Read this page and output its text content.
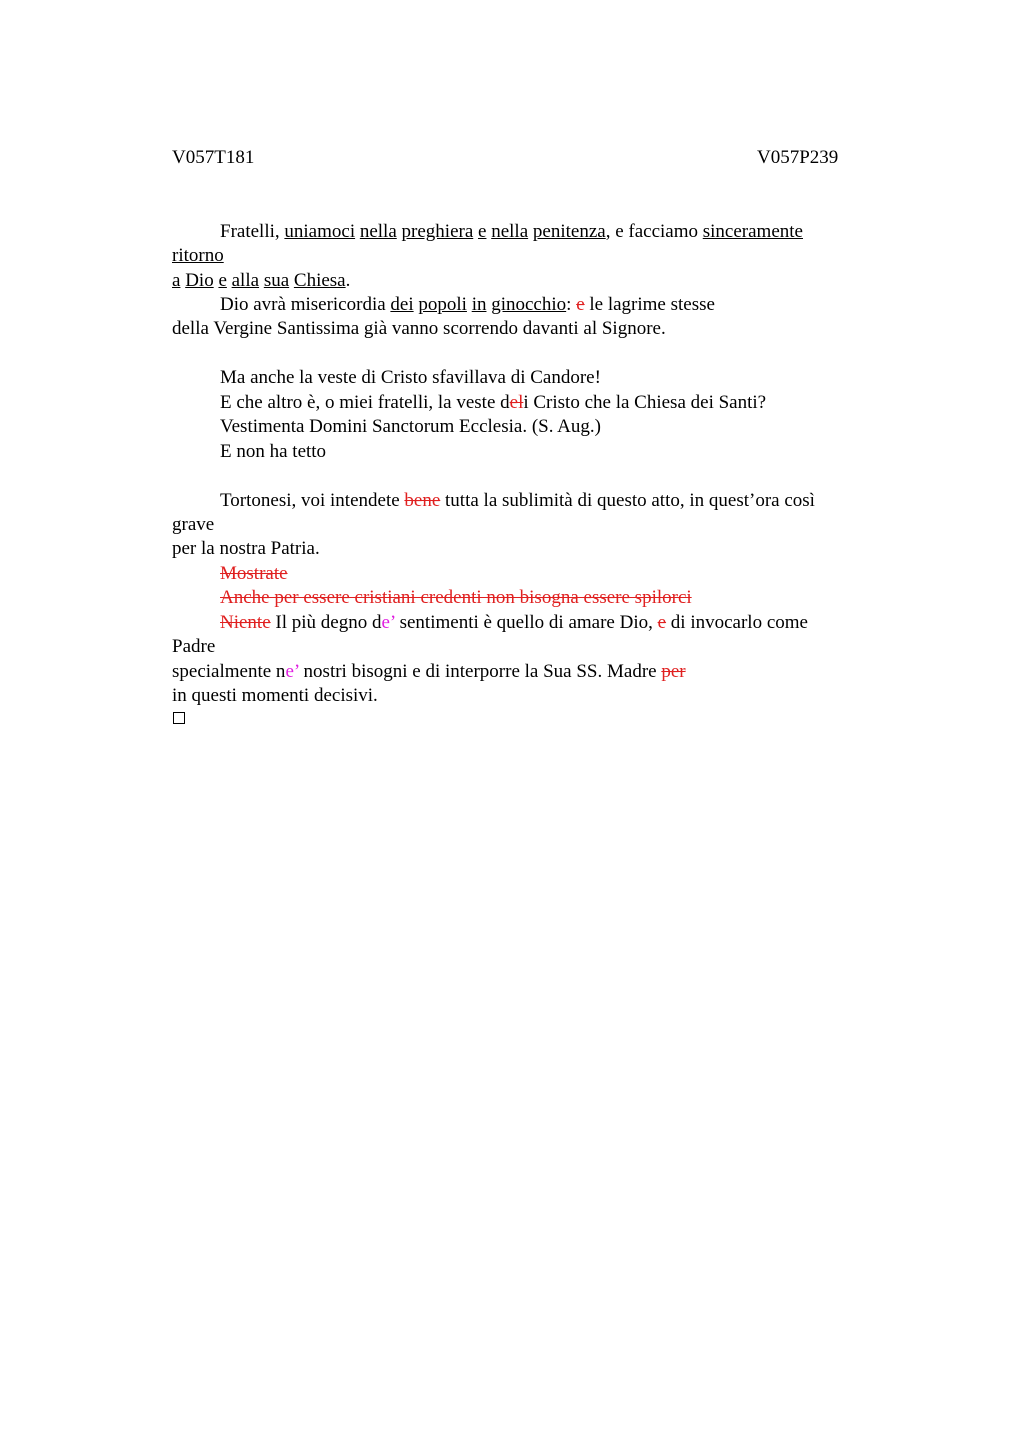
V057T181	V057P239
Fratelli, uniamoci nella preghiera e nella penitenza, e facciamo sinceramente
ritorno
a Dio e alla sua Chiesa.
Dio avrà misericordia dei popoli in ginocchio: e le lagrime stesse
della Vergine Santissima già vanno scorrendo davanti al Signore.
Ma anche la veste di Cristo sfavillava di Candore!
E che altro è, o miei fratelli, la veste deli Cristo che la Chiesa dei Santi?
Vestimenta Domini Sanctorum Ecclesia. (S. Aug.)
E non ha tetto
Tortonesi, voi intendete bene tutta la sublimità di questo atto, in quest’ora così
grave
per la nostra Patria.
Mostrate
Anche per essere cristiani credenti non bisogna essere spilorci
Niente Il più degno de’ sentimenti è quello di amare Dio, e di invocarlo come
Padre
specialmente ne’ nostri bisogni e di interporre la Sua SS. Madre per
in questi momenti decisivi.
